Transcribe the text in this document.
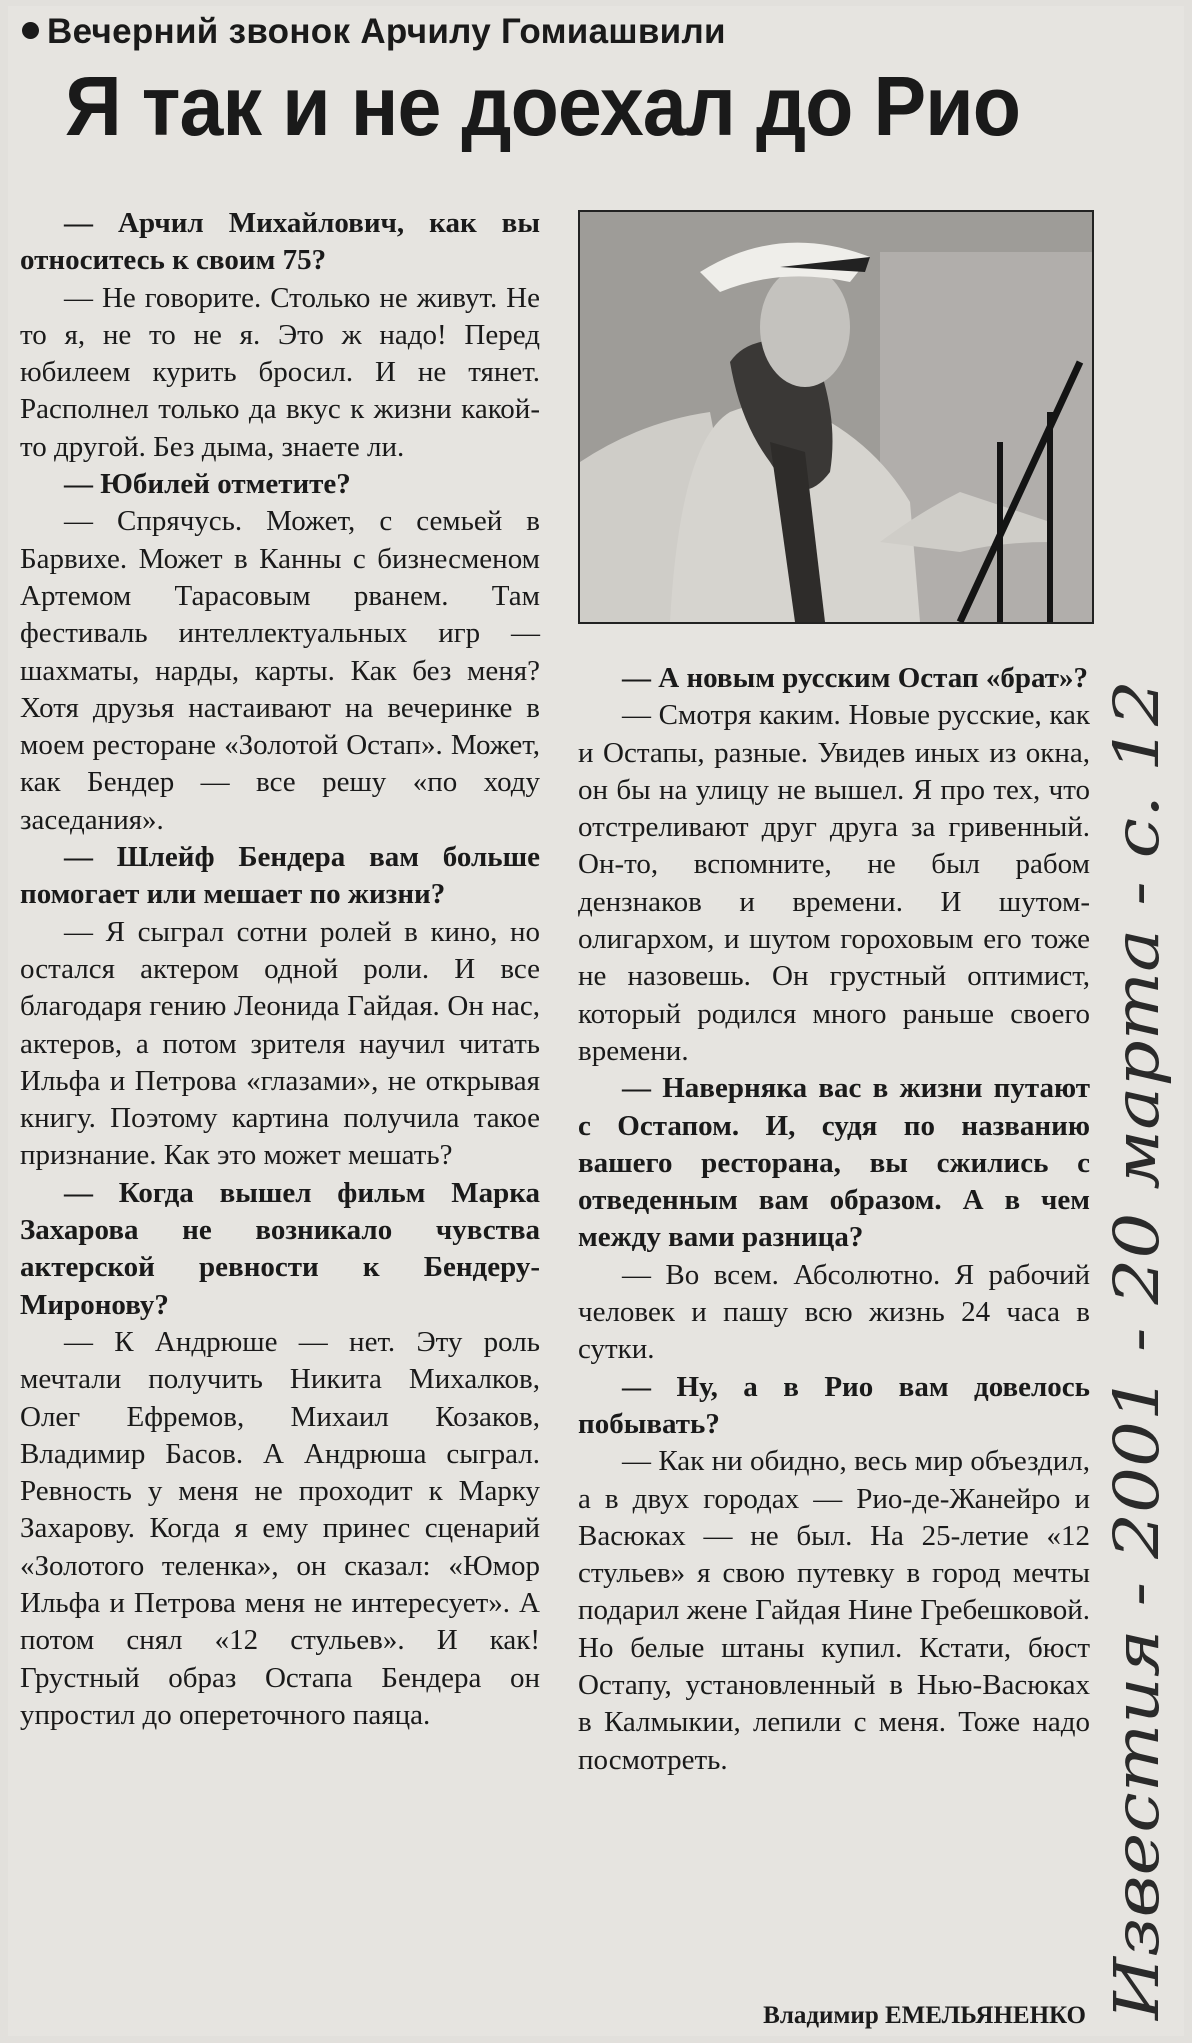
Вечерний звонок Арчилу Гомиашвили
Я так и не доехал до Рио

— Арчил Михайлович, как вы относитесь к своим 75?

— Не говорите. Столько не живут. Не то я, не то не я. Это ж надо! Перед юбилеем курить бросил. И не тянет. Располнел только да вкус к жизни какой-то другой. Без дыма, знаете ли.

— Юбилей отметите?

— Спрячусь. Может, с семьей в Барвихе. Может в Канны с бизнесменом Артемом Тарасовым рванем. Там фестиваль интеллектуальных игр — шахматы, нарды, карты. Как без меня? Хотя друзья настаивают на вечеринке в моем ресторане «Золотой Остап». Может, как Бендер — все решу «по ходу заседания».

— Шлейф Бендера вам больше помогает или мешает по жизни?

— Я сыграл сотни ролей в кино, но остался актером одной роли. И все благодаря гению Леонида Гайдая. Он нас, актеров, а потом зрителя научил читать Ильфа и Петрова «глазами», не открывая книгу. Поэтому картина получила такое признание. Как это может мешать?

— Когда вышел фильм Марка Захарова не возникало чувства актерской ревности к Бендеру-Миронову?

— К Андрюше — нет. Эту роль мечтали получить Никита Михалков, Олег Ефремов, Михаил Козаков, Владимир Басов. А Андрюша сыграл. Ревность у меня не проходит к Марку Захарову. Когда я ему принес сценарий «Золотого теленка», он сказал: «Юмор Ильфа и Петрова меня не интересует». А потом снял «12 стульев». И как! Грустный образ Остапа Бендера он упростил до опереточного паяца.

— А новым русским Остап «брат»?

— Смотря каким. Новые русские, как и Остапы, разные. Увидев иных из окна, он бы на улицу не вышел. Я про тех, что отстреливают друг друга за гривенный. Он-то, вспомните, не был рабом дензнаков и времени. И шутом-олигархом, и шутом гороховым его тоже не назовешь. Он грустный оптимист, который родился много раньше своего времени.

— Наверняка вас в жизни путают с Остапом. И, судя по названию вашего ресторана, вы сжились с отведенным вам образом. А в чем между вами разница?

— Во всем. Абсолютно. Я рабочий человек и пашу всю жизнь 24 часа в сутки.

— Ну, а в Рио вам довелось побывать?

— Как ни обидно, весь мир объездил, а в двух городах — Рио-де-Жанейро и Васюках — не был. На 25-летие «12 стульев» я свою путевку в город мечты подарил жене Гайдая Нине Гребешковой. Но белые штаны купил. Кстати, бюст Остапу, установленный в Нью-Васюках в Калмыкии, лепили с меня. Тоже надо посмотреть.

Владимир ЕМЕЛЬЯНЕНКО Известия - 2001 - 20 марта - с. 12
